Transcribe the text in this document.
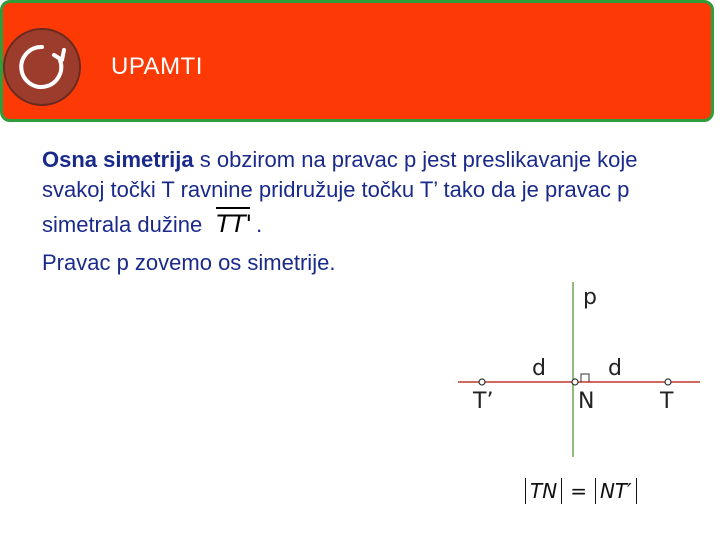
UPAMTI

Osna simetrija s obzirom na pravac p jest preslikavanje koje svakoj točki T ravnine pridružuje točku T’ tako da je pravac p simetrala dužine TT' .

Pravac p zovemo os simetrije.

p
d	d
T’	N	T
TN = NT′
